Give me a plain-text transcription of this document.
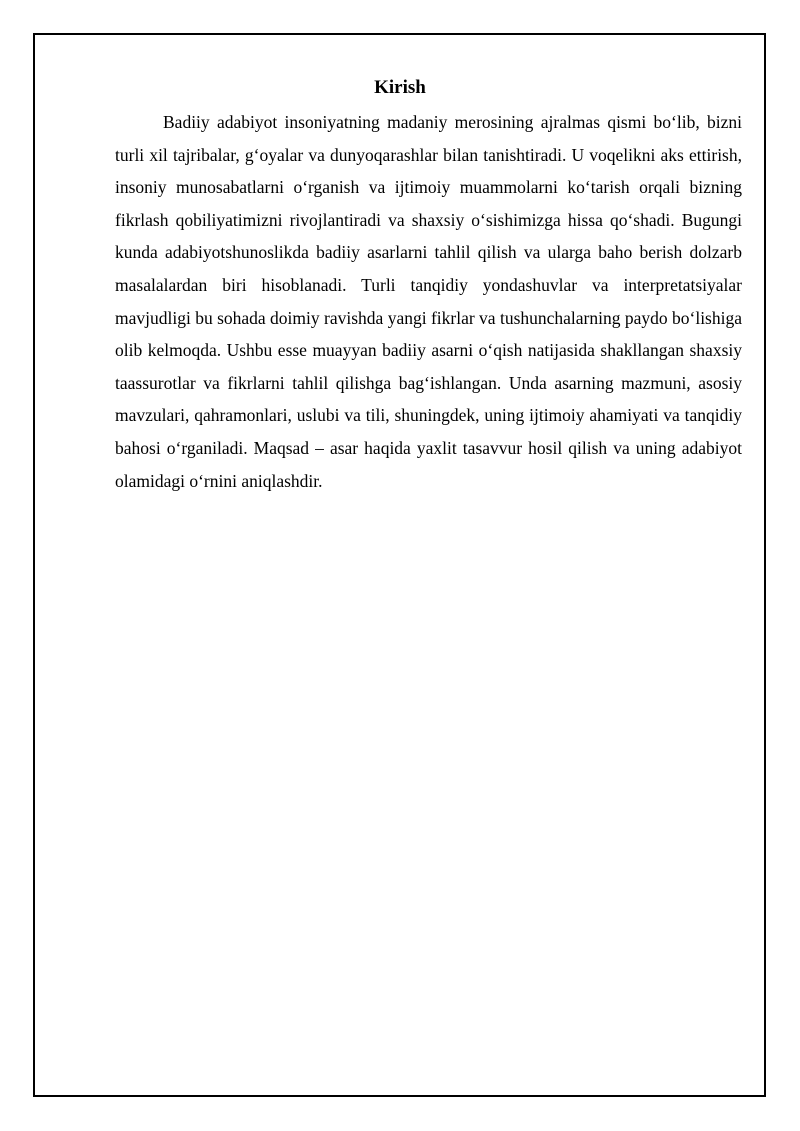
Kirish

Badiiy adabiyot insoniyatning madaniy merosining ajralmas qismi bo‘lib, bizni turli xil tajribalar, g‘oyalar va dunyoqarashlar bilan tanishtiradi. U voqelikni aks ettirish, insoniy munosabatlarni o‘rganish va ijtimoiy muammolarni ko‘tarish orqali bizning fikrlash qobiliyatimizni rivojlantiradi va shaxsiy o‘sishimizga hissa qo‘shadi. Bugungi kunda adabiyotshunoslikda badiiy asarlarni tahlil qilish va ularga baho berish dolzarb masalalardan biri hisoblanadi. Turli tanqidiy yondashuvlar va interpretatsiyalar mavjudligi bu sohada doimiy ravishda yangi fikrlar va tushunchalarning paydo bo‘lishiga olib kelmoqda. Ushbu esse muayyan badiiy asarni o‘qish natijasida shakllangan shaxsiy taassurotlar va fikrlarni tahlil qilishga bag‘ishlangan. Unda asarning mazmuni, asosiy mavzulari, qahramonlari, uslubi va tili, shuningdek, uning ijtimoiy ahamiyati va tanqidiy bahosi o‘rganiladi. Maqsad – asar haqida yaxlit tasavvur hosil qilish va uning adabiyot olamidagi o‘rnini aniqlashdir.
